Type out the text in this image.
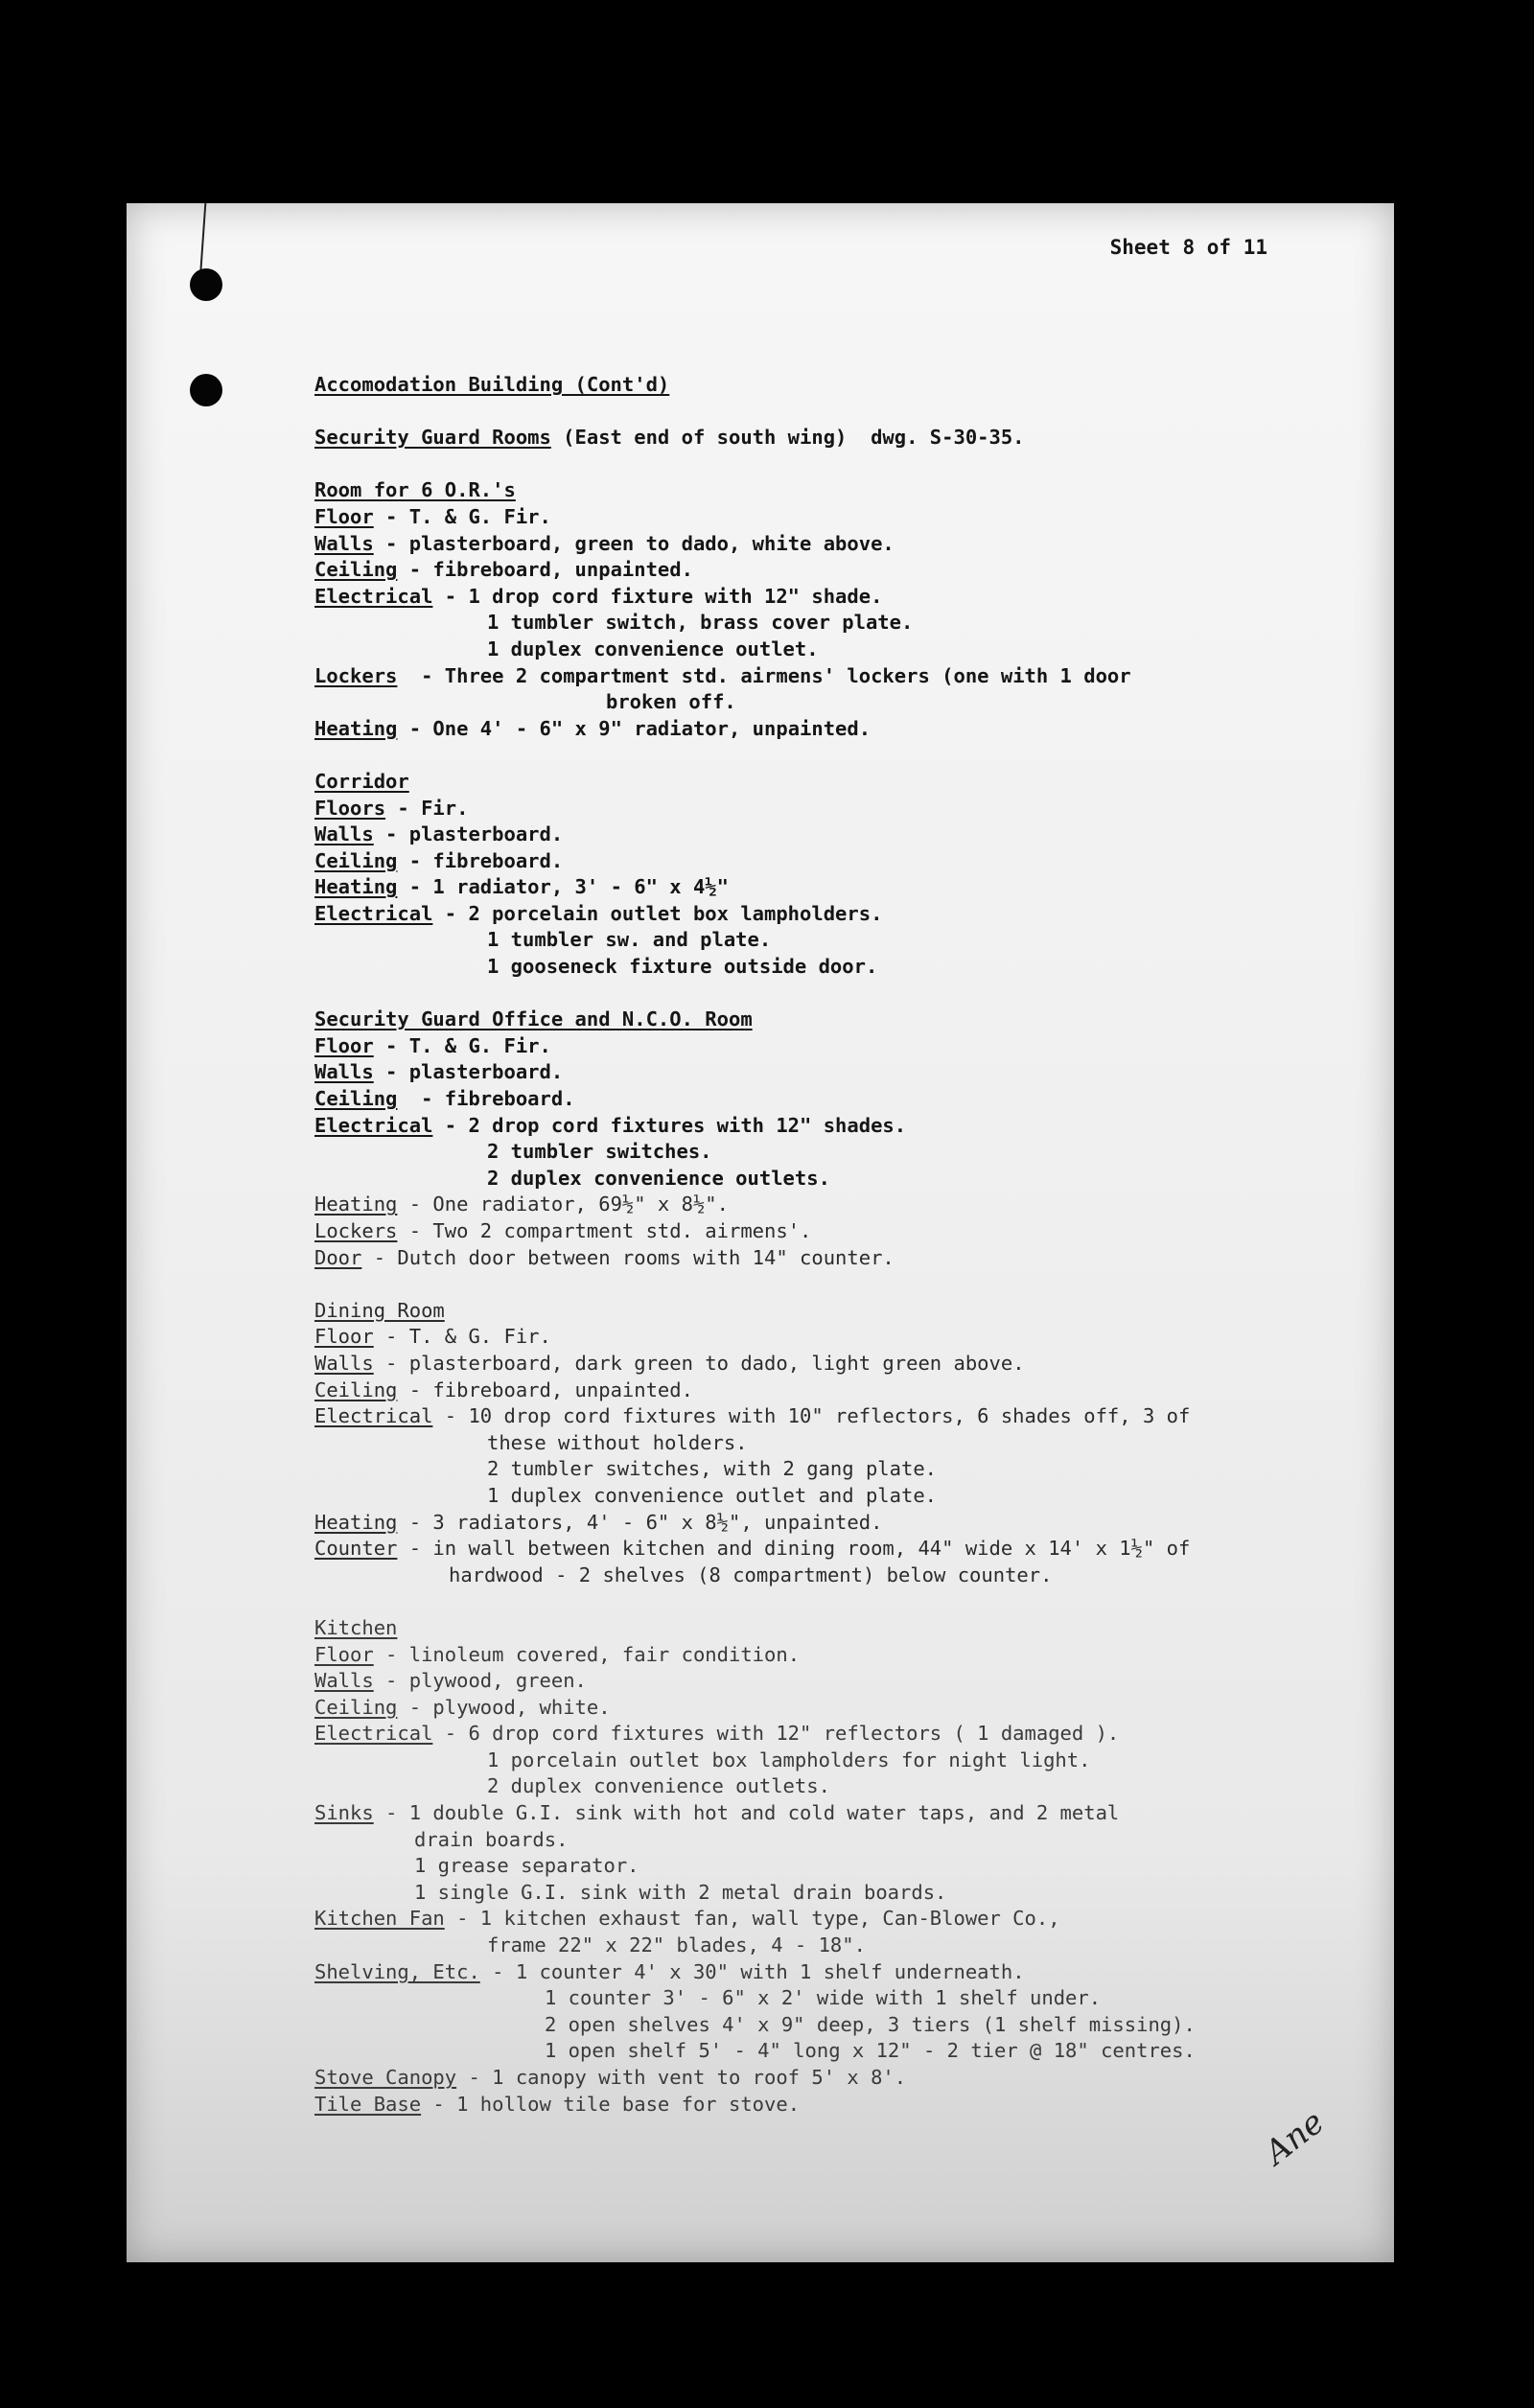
Sheet 8 of 11
Accomodation Building (Cont'd)
Security Guard Rooms (East end of south wing)  dwg. S-30-35.
Room for 6 O.R.'s
Floor - T. & G. Fir.
Walls - plasterboard, green to dado, white above.
Ceiling - fibreboard, unpainted.
Electrical - 1 drop cord fixture with 12" shade.
1 tumbler switch, brass cover plate.
1 duplex convenience outlet.
Lockers  - Three 2 compartment std. airmens' lockers (one with 1 door
broken off.
Heating - One 4' - 6" x 9" radiator, unpainted.
Corridor
Floors - Fir.
Walls - plasterboard.
Ceiling - fibreboard.
Heating - 1 radiator, 3' - 6" x 4½"
Electrical - 2 porcelain outlet box lampholders.
1 tumbler sw. and plate.
1 gooseneck fixture outside door.
Security Guard Office and N.C.O. Room
Floor - T. & G. Fir.
Walls - plasterboard.
Ceiling  - fibreboard.
Electrical - 2 drop cord fixtures with 12" shades.
2 tumbler switches.
2 duplex convenience outlets.
Heating - One radiator, 69½" x 8½".
Lockers - Two 2 compartment std. airmens'.
Door - Dutch door between rooms with 14" counter.
Dining Room
Floor - T. & G. Fir.
Walls - plasterboard, dark green to dado, light green above.
Ceiling - fibreboard, unpainted.
Electrical - 10 drop cord fixtures with 10" reflectors, 6 shades off, 3 of
these without holders.
2 tumbler switches, with 2 gang plate.
1 duplex convenience outlet and plate.
Heating - 3 radiators, 4' - 6" x 8½", unpainted.
Counter - in wall between kitchen and dining room, 44" wide x 14' x 1½" of
hardwood - 2 shelves (8 compartment) below counter.
Kitchen
Floor - linoleum covered, fair condition.
Walls - plywood, green.
Ceiling - plywood, white.
Electrical - 6 drop cord fixtures with 12" reflectors ( 1 damaged ).
1 porcelain outlet box lampholders for night light.
2 duplex convenience outlets.
Sinks - 1 double G.I. sink with hot and cold water taps, and 2 metal
drain boards.
1 grease separator.
1 single G.I. sink with 2 metal drain boards.
Kitchen Fan - 1 kitchen exhaust fan, wall type, Can-Blower Co.,
frame 22" x 22" blades, 4 - 18".
Shelving, Etc. - 1 counter 4' x 30" with 1 shelf underneath.
1 counter 3' - 6" x 2' wide with 1 shelf under.
2 open shelves 4' x 9" deep, 3 tiers (1 shelf missing).
1 open shelf 5' - 4" long x 12" - 2 tier @ 18" centres.
Stove Canopy - 1 canopy with vent to roof 5' x 8'.
Tile Base - 1 hollow tile base for stove.	Ane
